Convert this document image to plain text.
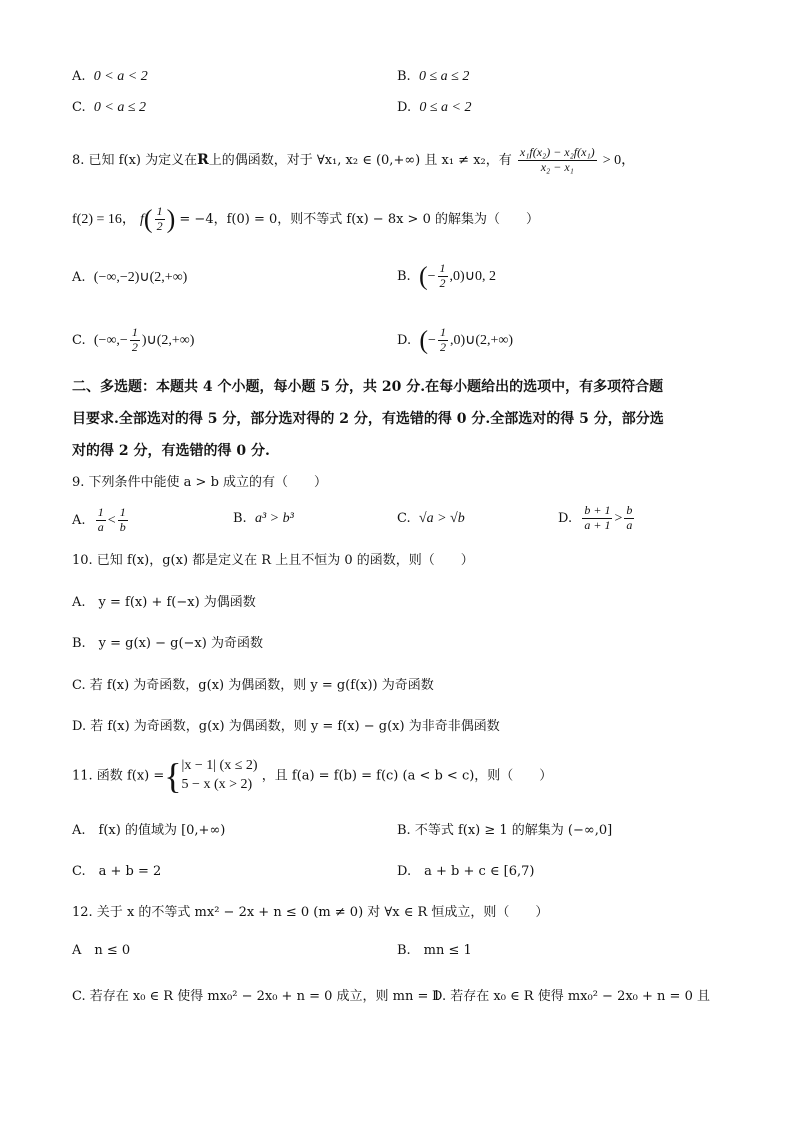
A. 0 < a < 2	B. 0 ≤ a ≤ 2
C. 0 < a ≤ 2	D. 0 ≤ a < 2
8. 已知 f(x) 为定义在R上的偶函数，对于 ∀x₁, x₂ ∈ (0,+∞) 且 x₁ ≠ x₂，有 $\frac{\text{x₁f(x₂) − x₂f(x₁)}}{\text{x₂ − x₁}} > 0$，
f(2) = 16， $f( \frac{1}{2}$ ) = −4，f(0) = 0，则不等式 f(x) − 8x > 0 的解集为（　　）
A. (−∞,−2)∪(2,+∞)	B. (− $\frac{1}{2}$ ,0)∪0, 2
C. (−∞,− $\frac{1}{2}$ )∪(2,+∞)	D. (− $\frac{1}{2}$ ,0)∪(2,+∞)
二、多选题：本题共 4 个小题，每小题 5 分，共 20 分.在每小题给出的选项中，有多项符合题
目要求.全部选对的得 5 分，部分选对得的 2 分，有选错的得 0 分.全部选对的得 5 分，部分选
对的得 2 分，有选错的得 0 分.
9. 下列条件中能使 a > b 成立的有（　　）
A. $\frac{1}{a} < \frac{1}{b}$	B. a³ > b³	C. √a > √b	D. $\frac{b + 1}{a + 1} > \frac{b}{a}$
10. 已知 f(x)，g(x) 都是定义在 R 上且不恒为 0 的函数，则（　　）
A.　y = f(x) + f(−x) 为偶函数
B.　y = g(x) − g(−x) 为奇函数
C. 若 f(x) 为奇函数，g(x) 为偶函数，则 y = g(f(x)) 为奇函数
D. 若 f(x) 为奇函数，g(x) 为偶函数，则 y = f(x) − g(x) 为非奇非偶函数
11. 函数 f(x) ={ |x − 1| (x ≤ 2)
5 − x (x > 2)
，且 f(a) = f(b) = f(c) (a < b < c)，则（　　）
A.　f(x) 的值域为 [0,+∞)	B. 不等式 f(x) ≥ 1 的解集为 (−∞,0]
C.　a + b = 2	D.　a + b + c ∈ [6,7)
12. 关于 x 的不等式 mx² − 2x + n ≤ 0 (m ≠ 0) 对 ∀x ∈ R 恒成立，则（　　）
A　n ≤ 0	B.　mn ≤ 1
C. 若存在 x₀ ∈ R 使得 mx₀² − 2x₀ + n = 0 成立，则 mn = 1
D. 若存在 x₀ ∈ R 使得 mx₀² − 2x₀ + n = 0 且
